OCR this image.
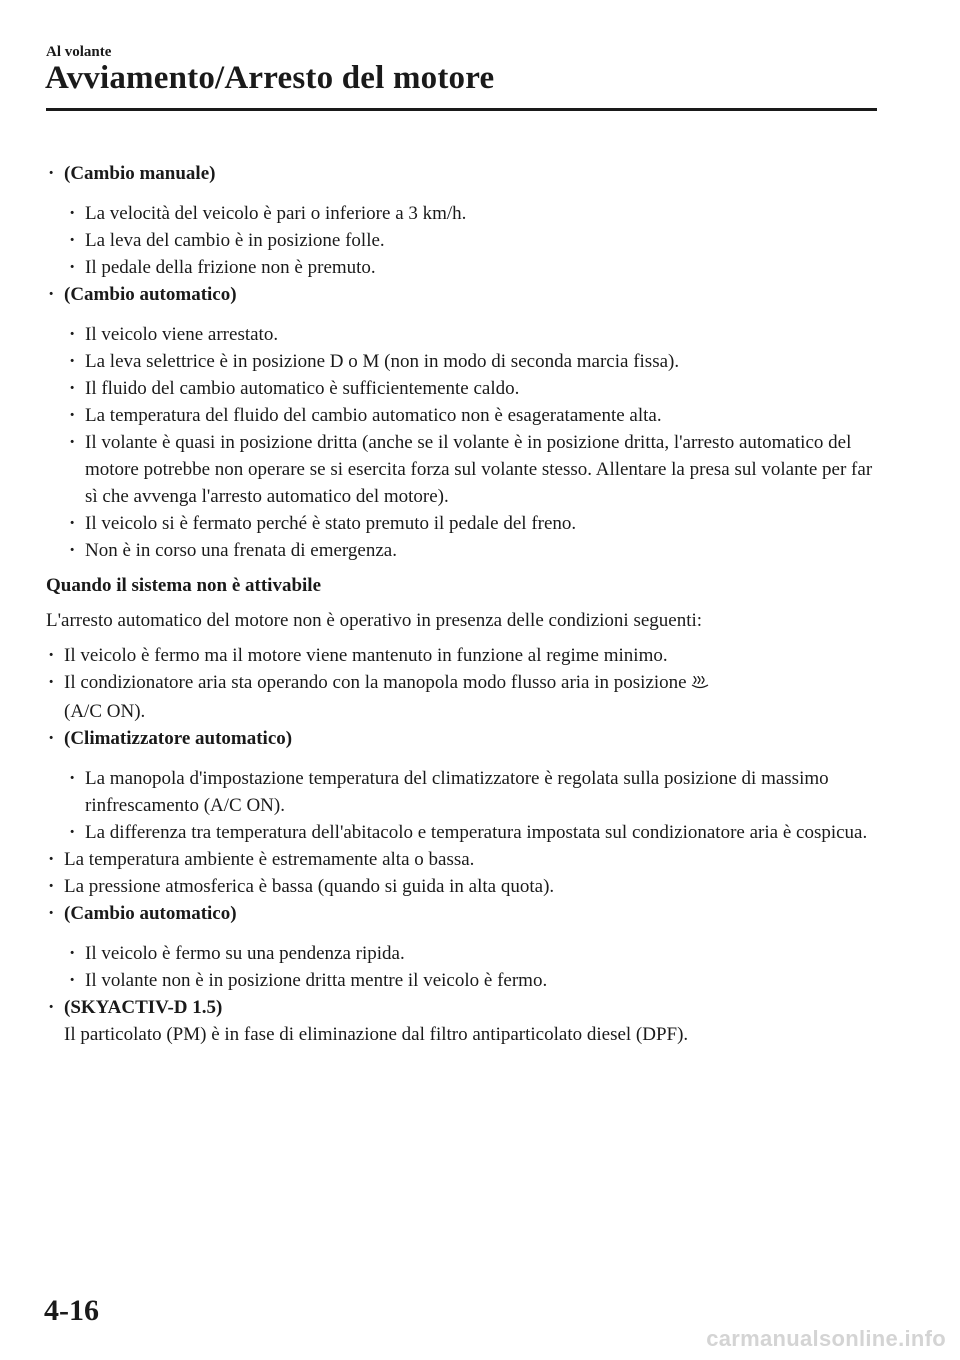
Al volante
Avviamento/Arresto del motore
· (Cambio manuale)
· La velocità del veicolo è pari o inferiore a 3 km/h.
· La leva del cambio è in posizione folle.
· Il pedale della frizione non è premuto.
· (Cambio automatico)
· Il veicolo viene arrestato.
· La leva selettrice è in posizione D o M (non in modo di seconda marcia fissa).
· Il fluido del cambio automatico è sufficientemente caldo.
· La temperatura del fluido del cambio automatico non è esageratamente alta.
· Il volante è quasi in posizione dritta (anche se il volante è in posizione dritta, l'arresto automatico del motore potrebbe non operare se si esercita forza sul volante stesso. Allentare la presa sul volante per far sì che avvenga l'arresto automatico del motore).
· Il veicolo si è fermato perché è stato premuto il pedale del freno.
· Non è in corso una frenata di emergenza.
Quando il sistema non è attivabile
L'arresto automatico del motore non è operativo in presenza delle condizioni seguenti:
· Il veicolo è fermo ma il motore viene mantenuto in funzione al regime minimo.
· Il condizionatore aria sta operando con la manopola modo flusso aria in posizione
(A/C ON).
· (Climatizzatore automatico)
· La manopola d'impostazione temperatura del climatizzatore è regolata sulla posizione di massimo rinfrescamento (A/C ON).
· La differenza tra temperatura dell'abitacolo e temperatura impostata sul condizionatore aria è cospicua.
· La temperatura ambiente è estremamente alta o bassa.
· La pressione atmosferica è bassa (quando si guida in alta quota).
· (Cambio automatico)
· Il veicolo è fermo su una pendenza ripida.
· Il volante non è in posizione dritta mentre il veicolo è fermo.
· (SKYACTIV-D 1.5)
Il particolato (PM) è in fase di eliminazione dal filtro antiparticolato diesel (DPF).
4-16
carmanualsonline.info
